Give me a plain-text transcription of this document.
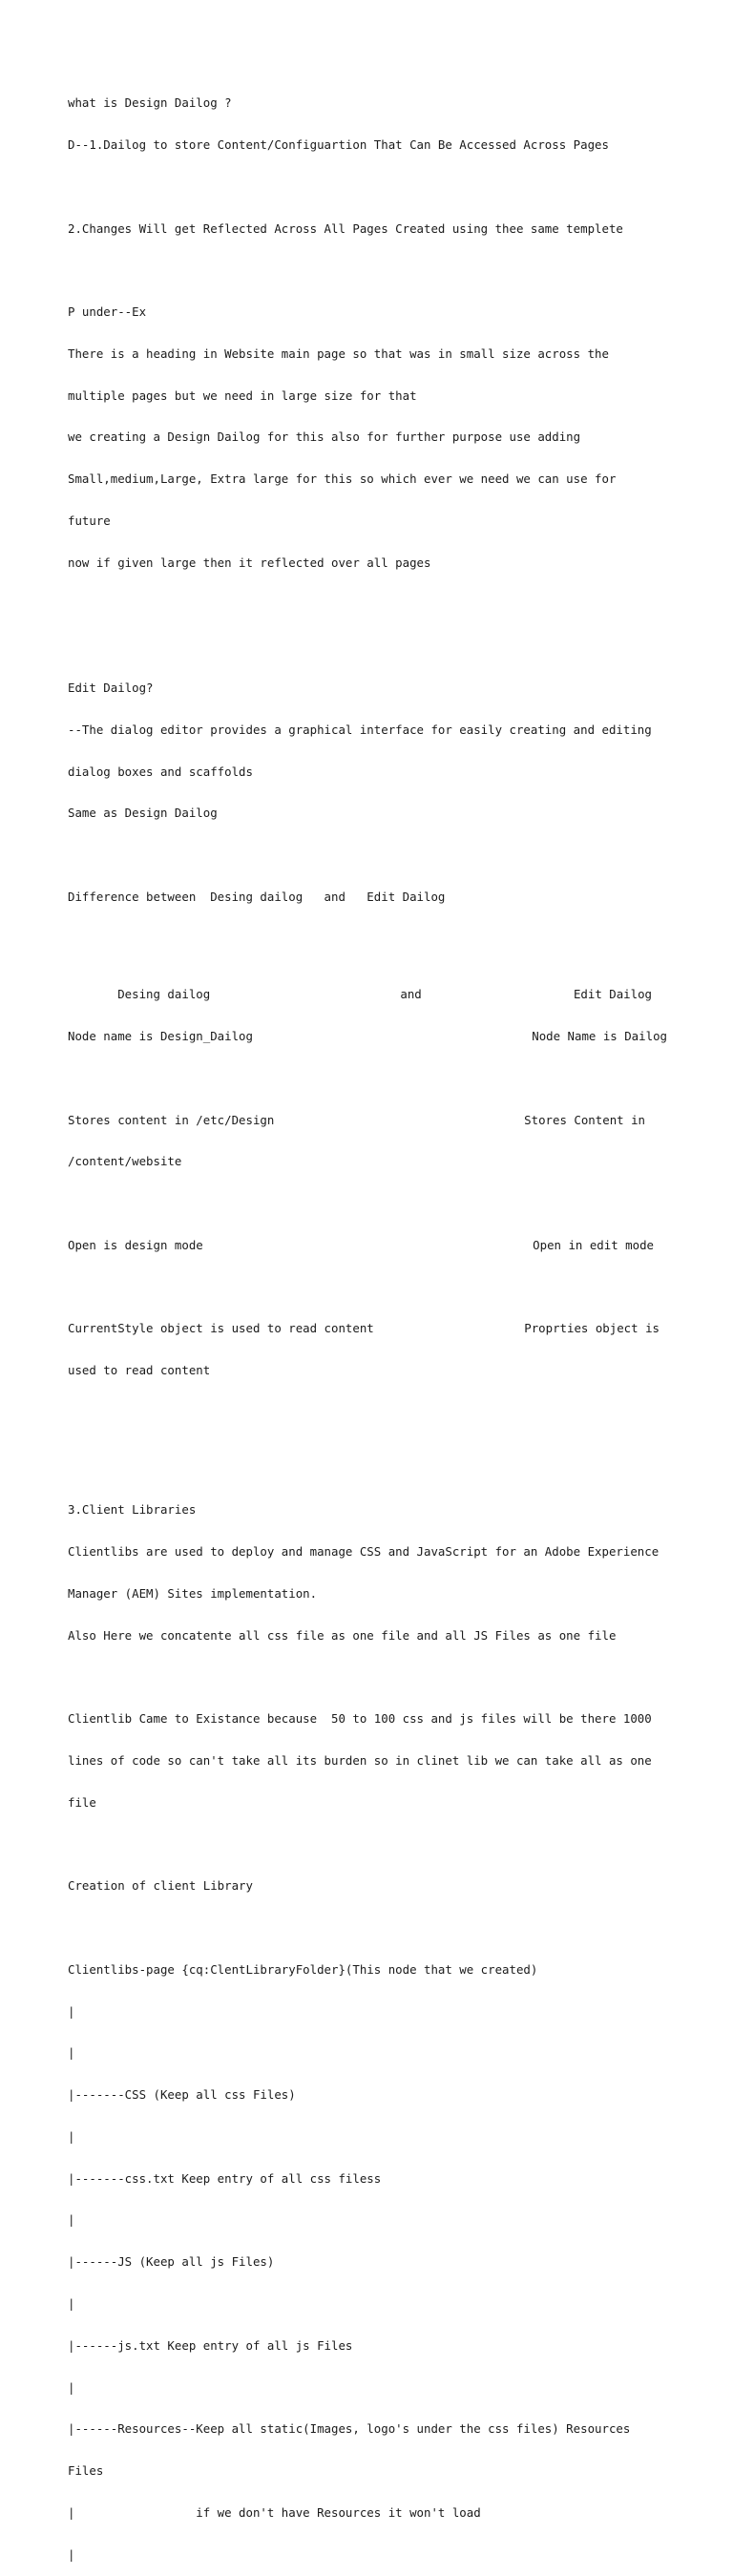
what is Design Dailog ?

D--1.Dailog to store Content/Configuartion That Can Be Accessed Across Pages

2.Changes Will get Reflected Across All Pages Created using thee same templete

P under--Ex

There is a heading in Website main page so that was in small size across the

multiple pages but we need in large size for that

we creating a Design Dailog for this also for further purpose use adding

Small,medium,Large, Extra large for this so which ever we need we can use for

future

now if given large then it reflected over all pages

Edit Dailog?

--The dialog editor provides a graphical interface for easily creating and editing

dialog boxes and scaffolds

Same as Design Dailog

Difference between  Desing dailog   and   Edit Dailog

Desing dailog	and	Edit Dailog

Node name is Design_Dailog	Node Name is Dailog

Stores content in /etc/Design	Stores Content in

/content/website

Open is design mode	Open in edit mode

CurrentStyle object is used to read content	Proprties object is

used to read content

3.Client Libraries

Clientlibs are used to deploy and manage CSS and JavaScript for an Adobe Experience

Manager (AEM) Sites implementation.

Also Here we concatente all css file as one file and all JS Files as one file

Clientlib Came to Existance because  50 to 100 css and js files will be there 1000

lines of code so can't take all its burden so in clinet lib we can take all as one

file

Creation of client Library

Clientlibs-page {cq:ClentLibraryFolder}(This node that we created)

|

|

|-------CSS (Keep all css Files)

|

|-------css.txt Keep entry of all css filess

|

|------JS (Keep all js Files)

|

|------js.txt Keep entry of all js Files

|

|------Resources--Keep all static(Images, logo's under the css files) Resources

Files

|                 if we don't have Resources it won't load

|
